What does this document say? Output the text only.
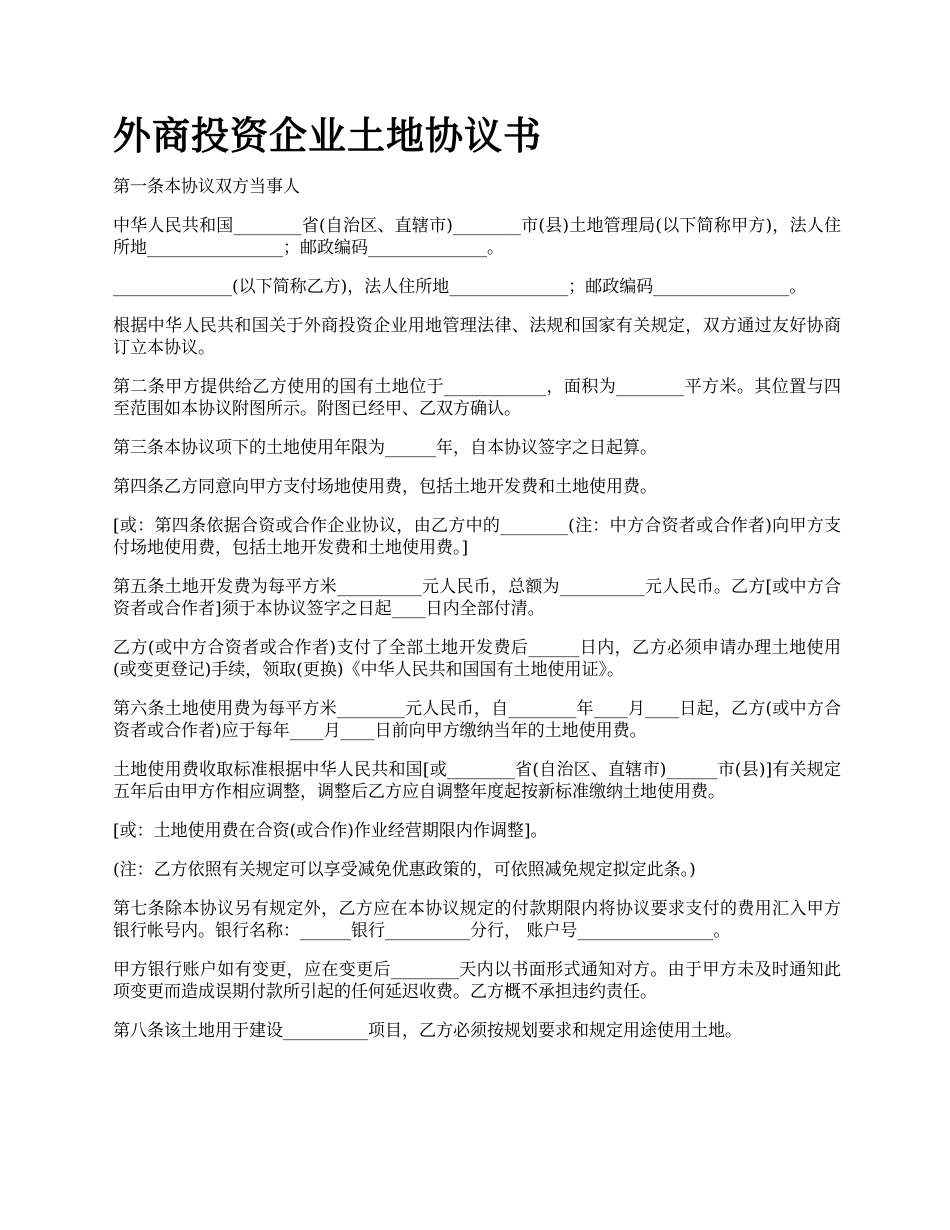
外商投资企业土地协议书

第一条本协议双方当事人

中华人民共和国________省(自治区、直辖市)________市(县)土地管理局(以下简称甲方)，法人住所地________________；邮政编码______________。

______________(以下简称乙方)，法人住所地______________；邮政编码________________。

根据中华人民共和国关于外商投资企业用地管理法律、法规和国家有关规定，双方通过友好协商订立本协议。

第二条甲方提供给乙方使用的国有土地位于____________，面积为________平方米。其位置与四至范围如本协议附图所示。附图已经甲、乙双方确认。

第三条本协议项下的土地使用年限为______年，自本协议签字之日起算。

第四条乙方同意向甲方支付场地使用费，包括土地开发费和土地使用费。

[或：第四条依据合资或合作企业协议，由乙方中的________(注：中方合资者或合作者)向甲方支付场地使用费，包括土地开发费和土地使用费。]

第五条土地开发费为每平方米__________元人民币，总额为__________元人民币。乙方[或中方合资者或合作者]须于本协议签字之日起____日内全部付清。

乙方(或中方合资者或合作者)支付了全部土地开发费后______日内，乙方必须申请办理土地使用(或变更登记)手续，领取(更换)《中华人民共和国国有土地使用证》。

第六条土地使用费为每平方米________元人民币，自________年____月____日起，乙方(或中方合资者或合作者)应于每年____月____日前向甲方缴纳当年的土地使用费。

土地使用费收取标准根据中华人民共和国[或________省(自治区、直辖市)______市(县)]有关规定五年后由甲方作相应调整，调整后乙方应自调整年度起按新标准缴纳土地使用费。

[或：土地使用费在合资(或合作)作业经营期限内作调整]。

(注：乙方依照有关规定可以享受减免优惠政策的，可依照减免规定拟定此条。)

第七条除本协议另有规定外，乙方应在本协议规定的付款期限内将协议要求支付的费用汇入甲方银行帐号内。银行名称：______银行__________分行， 账户号________________。

甲方银行账户如有变更，应在变更后________天内以书面形式通知对方。由于甲方未及时通知此项变更而造成误期付款所引起的任何延迟收费。乙方概不承担违约责任。

第八条该土地用于建设__________项目，乙方必须按规划要求和规定用途使用土地。
